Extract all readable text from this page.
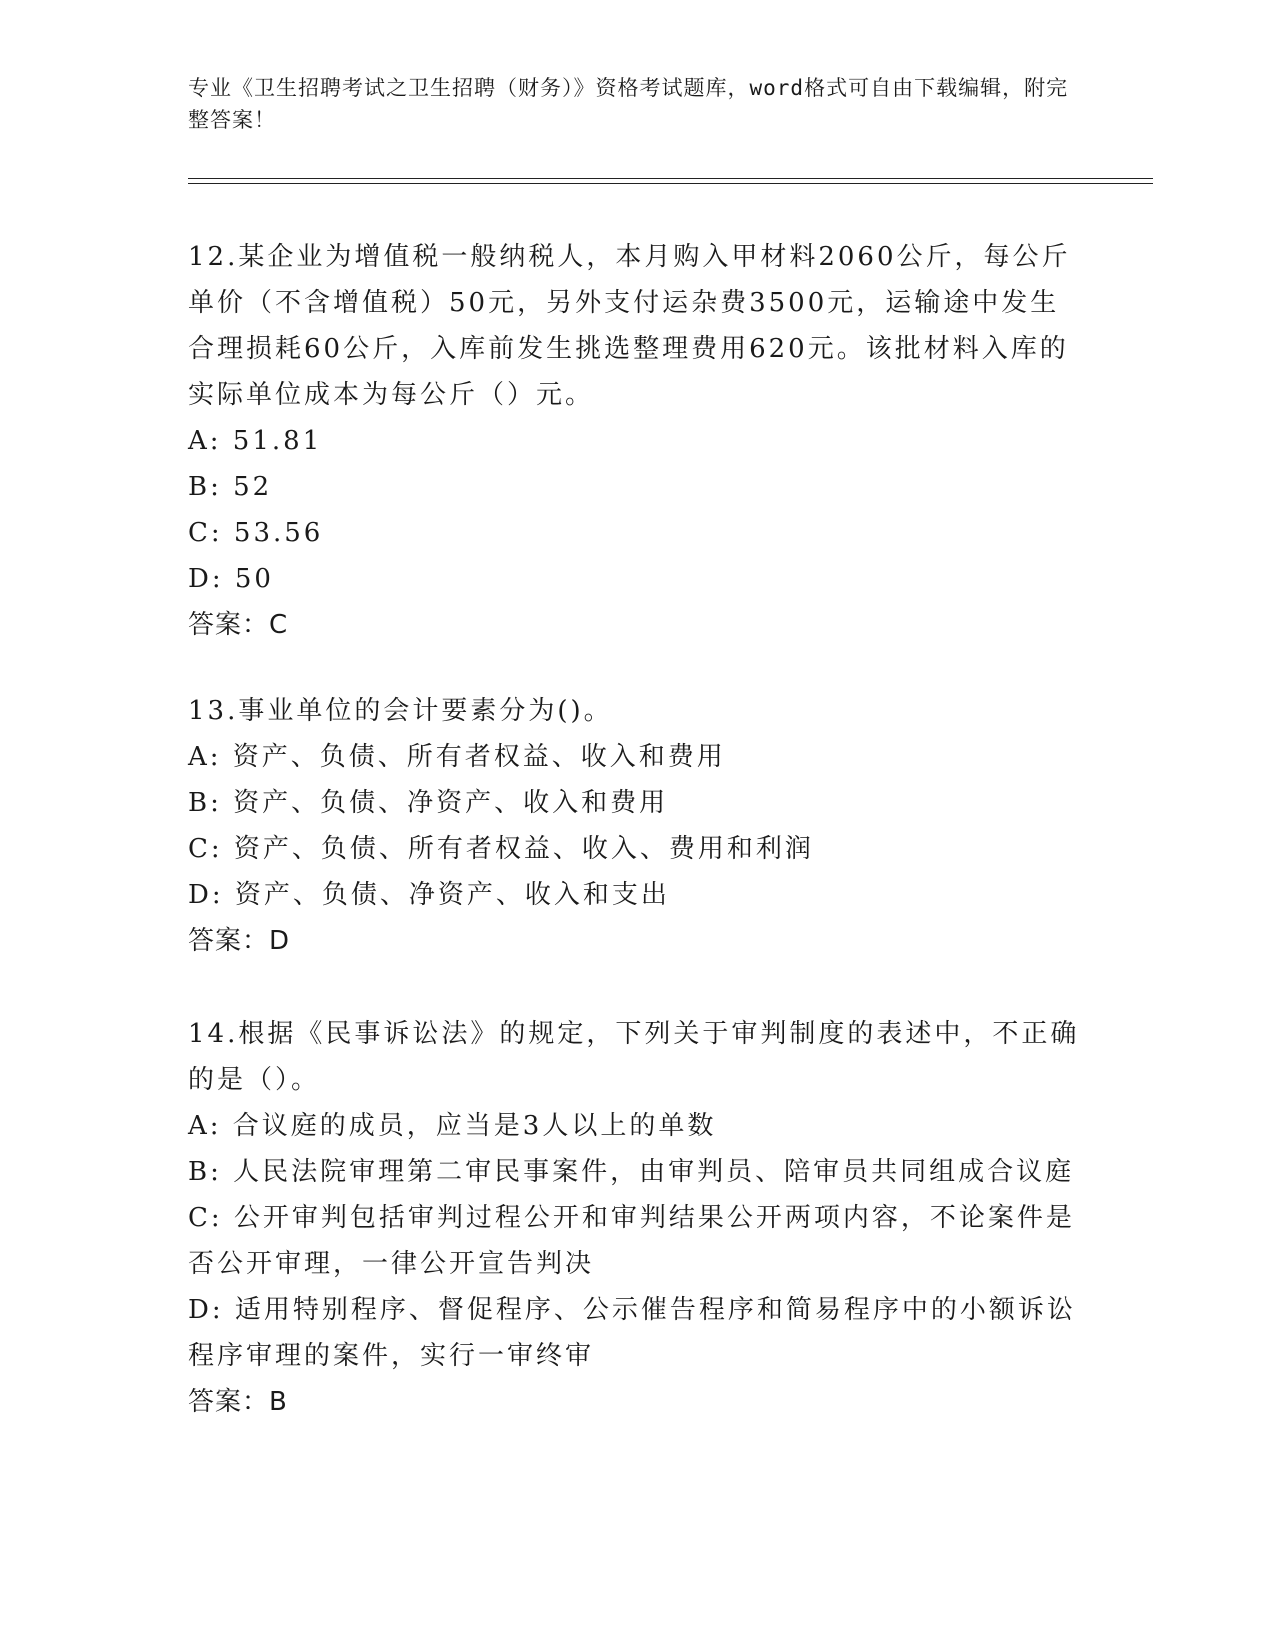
专业《卫生招聘考试之卫生招聘（财务）》资格考试题库，word格式可自由下载编辑，附完整答案！
12.某企业为增值税一般纳税人，本月购入甲材料2060公斤，每公斤单价（不含增值税）50元，另外支付运杂费3500元，运输途中发生合理损耗60公斤，入库前发生挑选整理费用620元。该批材料入库的实际单位成本为每公斤（）元。
A: 51.81
B: 52
C: 53.56
D: 50
答案：C
13.事业单位的会计要素分为()。
A: 资产、负债、所有者权益、收入和费用
B: 资产、负债、净资产、收入和费用
C: 资产、负债、所有者权益、收入、费用和利润
D: 资产、负债、净资产、收入和支出
答案：D
14.根据《民事诉讼法》的规定，下列关于审判制度的表述中，不正确的是（）。
A: 合议庭的成员，应当是3人以上的单数
B: 人民法院审理第二审民事案件，由审判员、陪审员共同组成合议庭
C: 公开审判包括审判过程公开和审判结果公开两项内容，不论案件是否公开审理，一律公开宣告判决
D: 适用特别程序、督促程序、公示催告程序和简易程序中的小额诉讼程序审理的案件，实行一审终审
答案：B
